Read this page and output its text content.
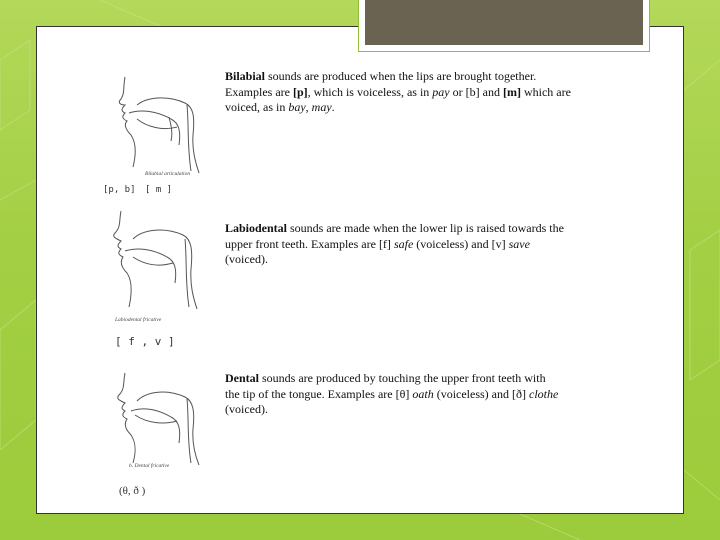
Bilabial articulation
[p, b] [ m ]
Bilabial sounds are produced when the lips are brought together.
Examples are [p], which is voiceless, as in pay or [b] and [m] which are
voiced, as in bay, may.
Labiodental fricative
[ f , v ]
Labiodental sounds are made when the lower lip is raised towards the
upper front teeth. Examples are [f] safe (voiceless) and [v] save
(voiced).
b. Dental fricative
(θ, ð )
Dental sounds are produced by touching the upper front teeth with
the tip of the tongue. Examples are [θ] oath (voiceless) and [ð] clothe
(voiced).
